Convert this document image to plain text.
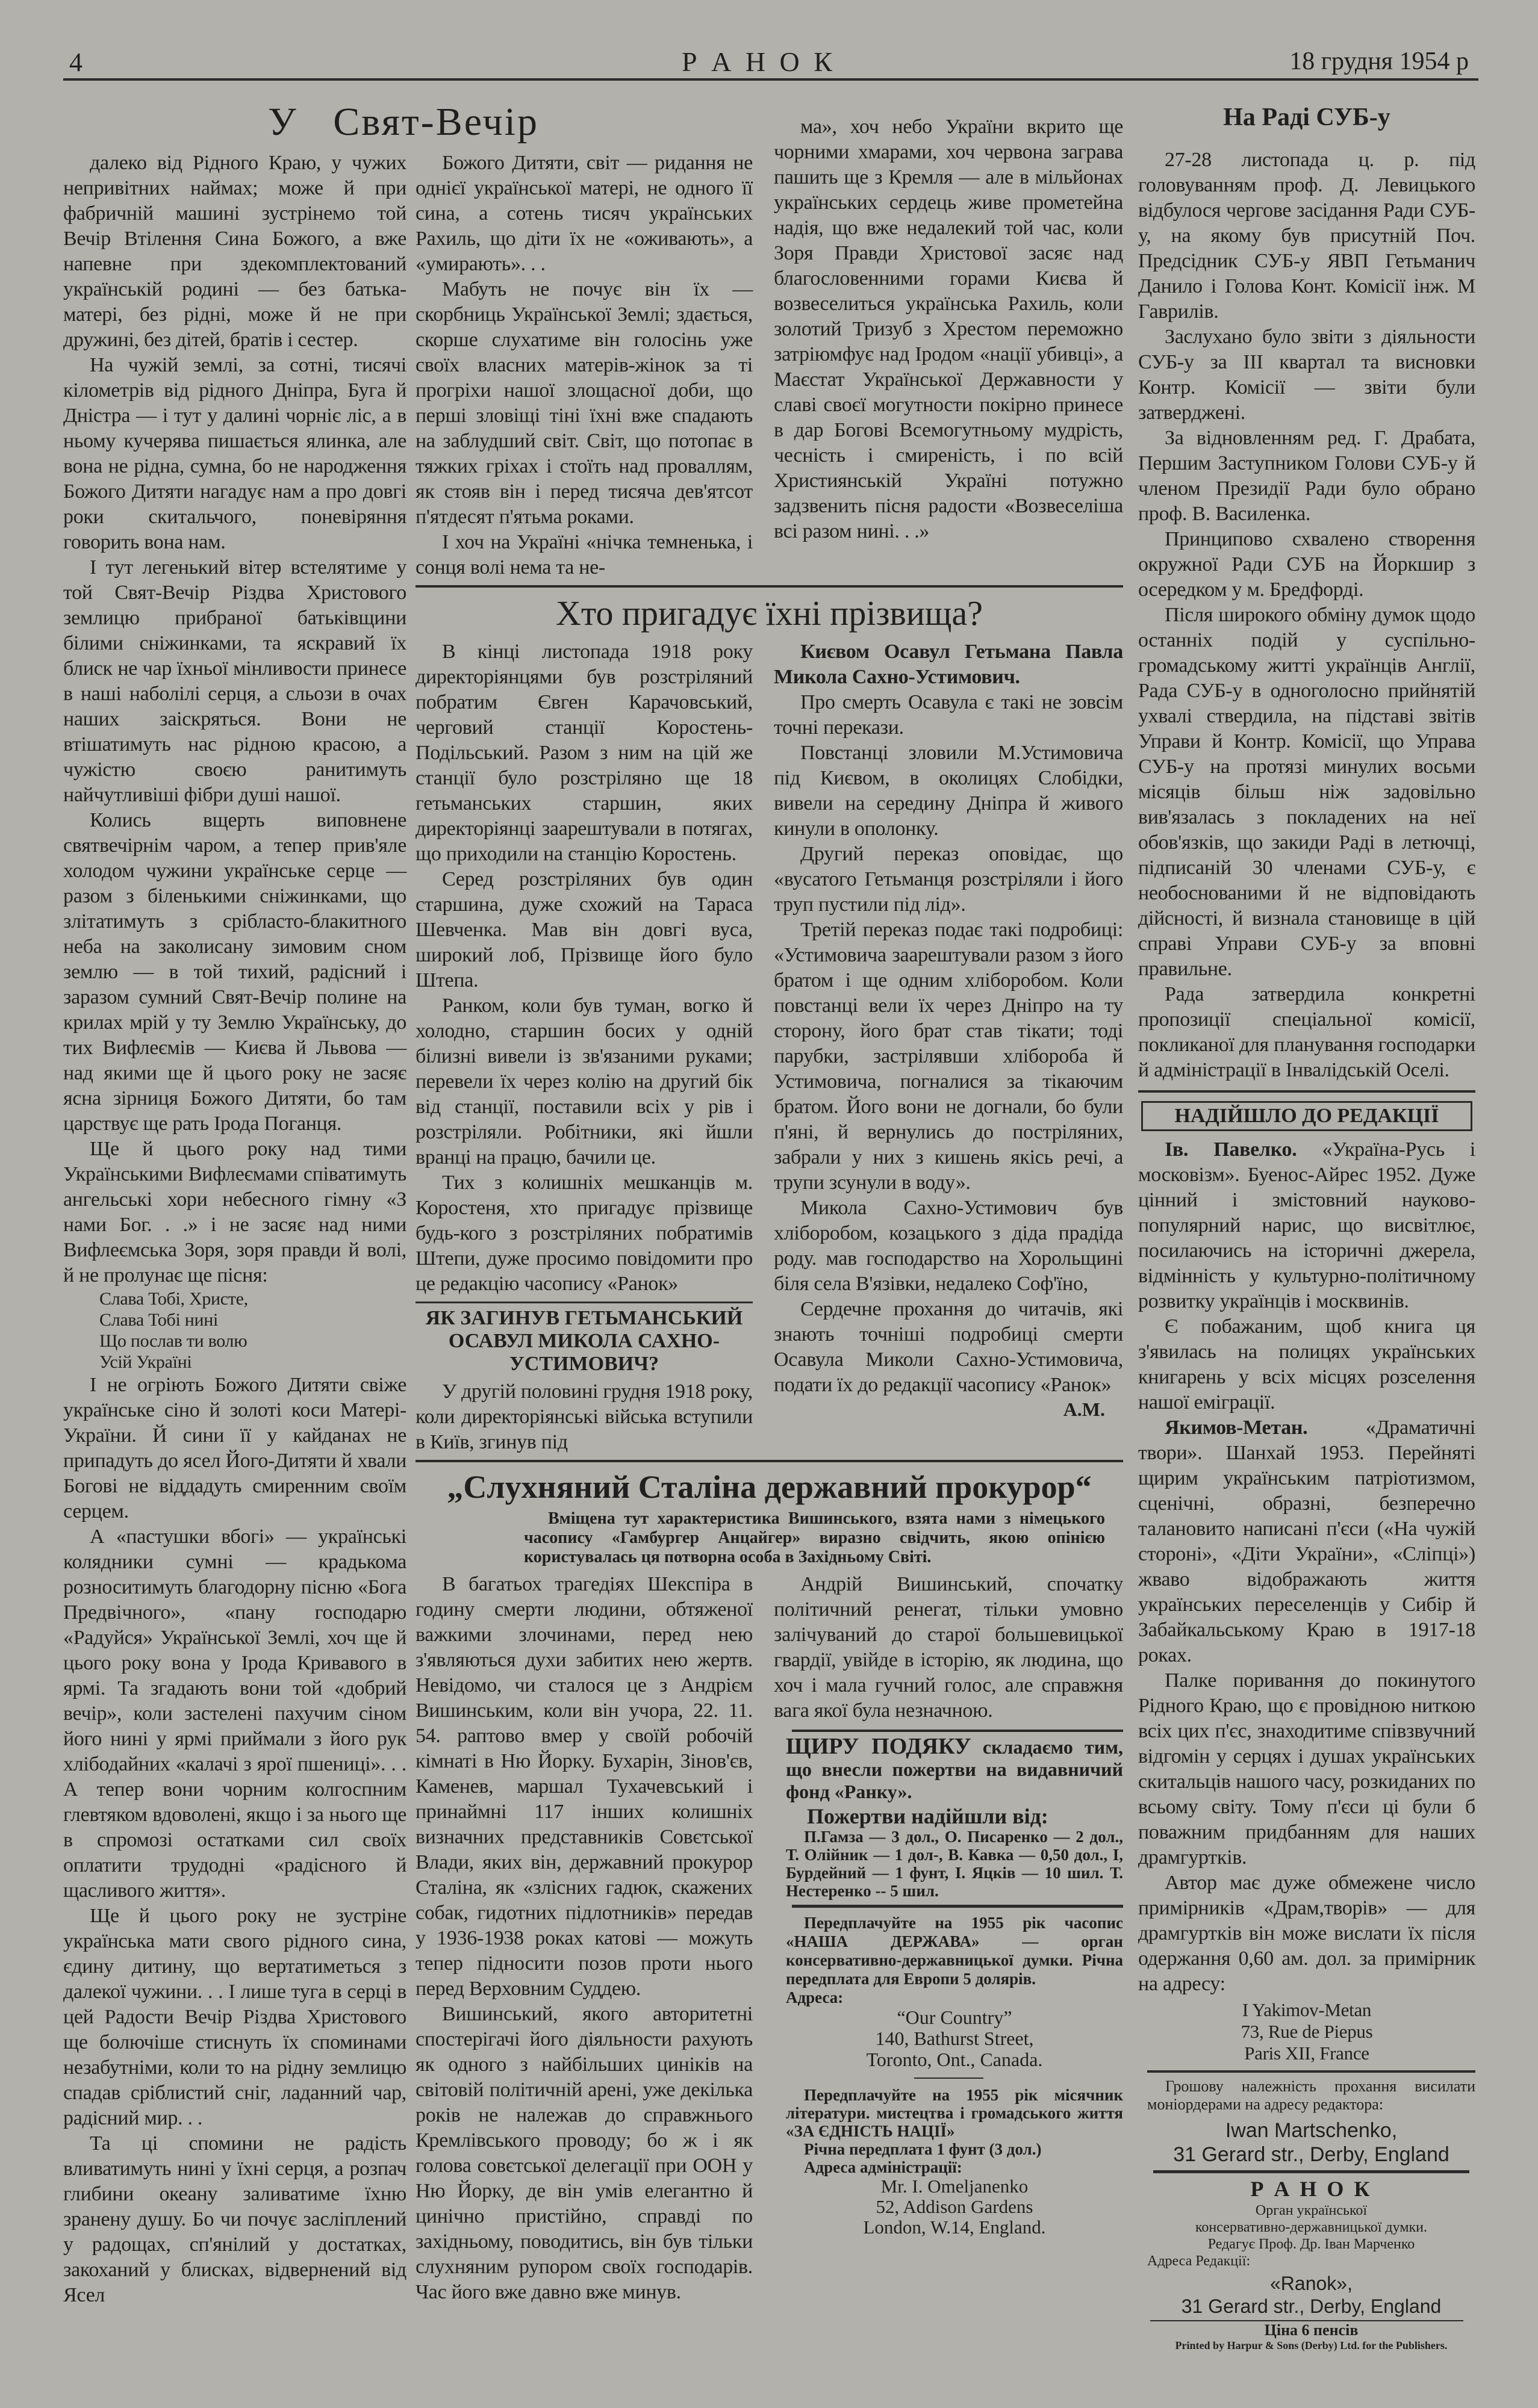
4	Р А Н О К	18 грудня 1954 р
У   Свят-Вечір

далеко від Рідного Краю, у чужих непривітних наймах; може й при фабричній машині зустрінемо той Вечір Втілення Сина Божого, а вже напевне при здекомплектований українській родині — без батька-матері, без рідні, може й не при дружині, без дітей, братів і сестер.

На чужій землі, за сотні, тисячі кілометрів від рідного Дніпра, Буга й Дністра — і тут у далині чорніє ліс, а в ньому кучерява пишається ялинка, але вона не рідна, сумна, бо не народження Божого Дитяти нагадує нам а про довгі роки скитальчого, поневіряння говорить вона нам.

І тут легенький вітер встелятиме у той Свят-Вечір Різдва Христового землицю прибраної батьківщини білими сніжинками, та яскравий їх блиск не чар їхньої мінливости принесе в наші наболілі серця, а сльози в очах наших заіскряться. Вони не втішатимуть нас рідною красою, а чужістю своєю ранитимуть найчутливіші фібри душі нашої.

Колись вщерть виповнене святвечірнім чаром, а тепер прив'яле холодом чужини українське серце — разом з біленькими сніжинками, що злітатимуть з срібласто-блакитного неба на заколисану зимовим сном землю — в той тихий, радісний і заразом сумний Свят-Вечір полине на крилах мрій у ту Землю Українську, до тих Вифлеємів — Києва й Львова — над якими ще й цього року не засяє ясна зірниця Божого Дитяти, бо там царствує ще рать Ірода Поганця.

Ще й цього року над тими Українськими Вифлеємами співатимуть ангельські хори небесного гімну «З нами Бог. . .» і не засяє над ними Вифлеємська Зоря, зоря правди й волі, й не пролунає ще пісня:

Слава Тобі, Христе,
Слава Тобі нині
Що послав ти волю
Усій Україні

І не огріють Божого Дитяти свіже українське сіно й золоті коси Матері-України. Й сини її у кайданах не припадуть до ясел Його-Дитяти й хвали Богові не віддадуть смиренним своїм серцем.

А «пастушки вбогі» — українські колядники сумні — крадькома розноситимуть благодорну пісню «Бога Предвічного», «пану господарю «Радуйся» Української Землі, хоч ще й цього року вона у Ірода Кривавого в ярмі. Та згадають вони той «добрий вечір», коли застелені пахучим сіном його нині у ярмі приймали з його рук хлібодайних «калачі з ярої пшениці». . . А тепер вони чорним колгоспним глевтяком вдоволені, якщо і за нього ще в спромозі остатками сил своїх оплатити трудодні «радісного й щасливого життя».

Ще й цього року не зустріне українська мати свого рідного сина, єдину дитину, що вертатиметься з далекої чужини. . . І лише туга в серці в цей Радости Вечір Різдва Христового ще болючіше стиснуть їх споминами незабутніми, коли то на рідну землицю спадав сріблистий сніг, ладанний чар, радісний мир. . .

Та ці спомини не радість вливатимуть нині у їхні серця, а розпач глибини океану заливатиме їхню зранену душу. Бо чи почує засліплений у радощах, сп'янілий у достатках, закоханий у блисках, відвернений від Ясел

Божого Дитяти, світ — ридання не однієї української матері, не одного її сина, а сотень тисяч українських Рахиль, що діти їх не «оживають», а «умирають». . .

Мабуть не почує він їх — скорбниць Української Землі; здається, скорше слухатиме він голосінь уже своїх власних матерів-жінок за ті прогріхи нашої злощасної доби, що перші зловіщі тіні їхні вже спадають на заблудший світ. Світ, що потопає в тяжких гріхах і стоїть над проваллям, як стояв він і перед тисяча дев'ятсот п'ятдесят п'ятьма роками.

І хоч на Україні «нічка темненька, і сонця волі нема та не-

ма», хоч небо України вкрито ще чорними хмарами, хоч червона заграва пашить ще з Кремля — але в мільйонах українських сердець живе прометейна надія, що вже недалекий той час, коли Зоря Правди Христової засяє над благословенними горами Києва й возвеселиться українська Рахиль, коли золотий Тризуб з Хрестом переможно затріюмфує над Іродом «нації убивці», а Маєстат Української Державности у славі своєї могутности покірно принесе в дар Богові Всемогутньому мудрість, чесність і смиреність, і по всій Християнській Україні потужно задзвенить пісня радости «Возвеселіша всі разом нині. . .»

Хто пригадує їхні прізвища?

В кінці листопада 1918 року директоріянцями був розстріляний побратим Євген Карачовський, черговий станції Коростень-Подільський. Разом з ним на цій же станції було розстріляно ще 18 гетьманських старшин, яких директоріянці заарештували в потягах, що приходили на станцію Коростень.

Серед розстріляних був один старшина, дуже схожий на Тараса Шевченка. Мав він довгі вуса, широкий лоб, Прізвище його було Штепа.

Ранком, коли був туман, вогко й холодно, старшин босих у одній білизні вивели із зв'язаними руками; перевели їх через колію на другий бік від станції, поставили всіх у рів і розстріляли. Робітники, які йшли вранці на працю, бачили це.

Тих з колишніх мешканців м. Коростеня, хто пригадує прізвище будь-кого з розстріляних побратимів Штепи, дуже просимо повідомити про це редакцію часопису «Ранок»

ЯК ЗАГИНУВ ГЕТЬМАНСЬКИЙ ОСАВУЛ МИКОЛА САХНО-УСТИМОВИЧ?

У другій половині грудня 1918 року, коли директоріянські війська вступили в Київ, згинув під

Києвом Осавул Гетьмана Павла Микола Сахно-Устимович.

Про смерть Осавула є такі не зовсім точні перекази.

Повстанці зловили М.Устимовича під Києвом, в околицях Слобідки, вивели на середину Дніпра й живого кинули в ополонку.

Другий переказ оповідає, що «вусатого Гетьманця розстріляли і його труп пустили під лід».

Третій переказ подає такі подробиці: «Устимовича заарештували разом з його братом і ще одним хліборобом. Коли повстанці вели їх через Дніпро на ту сторону, його брат став тікати; тоді парубки, застрілявши хлібороба й Устимовича, погналися за тікаючим братом. Його вони не догнали, бо були п'яні, й вернулись до постріляних, забрали у них з кишень якісь речі, а трупи зсунули в воду».

Микола Сахно-Устимович був хліборобом, козацького з діда прадіда роду. мав господарство на Хорольщині біля села В'язівки, недалеко Соф'їно,

Сердечне прохання до читачів, які знають точніші подробиці смерти Осавула Миколи Сахно-Устимовича, подати їх до редакції часопису «Ранок»

А.М.
„Слухняний Сталіна державний прокурор“
Вміщена тут характеристика Вишинського, взята нами з німецького часопису «Гамбургер Анцайгер» виразно свідчить, якою опінією користувалась ця потворна особа в Західньому Світі.

В багатьох трагедіях Шекспіра в годину смерти людини, обтяженої важкими злочинами, перед нею з'являються духи забитих нею жертв. Невідомо, чи сталося це з Андрієм Вишинським, коли він учора, 22. 11. 54. раптово вмер у своїй робочій кімнаті в Ню Йорку. Бухарін, Зінов'єв, Каменев, маршал Тухачевський і принаймні 117 інших колишніх визначних представників Совєтської Влади, яких він, державний прокурор Сталіна, як «злісних гадюк, скажених собак, гидотних підлотників» передав у 1936-1938 роках катові — можуть тепер підносити позов проти нього перед Верховним Суддею.

Вишинський, якого авторитетні спостерігачі його діяльности рахують як одного з найбільших циніків на світовій політичній арені, уже декілька років не належав до справжнього Кремлівського проводу; бо ж і як голова совєтської делегації при ООН у Ню Йорку, де він умів елегантно й цинічно пристійно, справді по західньому, поводитись, він був тільки слухняним рупором своїх господарів. Час його вже давно вже минув.

Андрій Вишинський, спочатку політичний ренегат, тільки умовно залічуваний до старої большевицької гвардії, увійде в історію, як людина, що хоч і мала гучний голос, але справжня вага якої була незначною.

ЩИРУ ПОДЯКУ складаємо тим, що внесли пожертви на видавничий фонд «Ранку».
Пожертви надійшли від:
П.Гамза — 3 дол., О. Писаренко — 2 дол., Т. Олійник — 1 дол-, В. Кавка — 0,50 дол., І, Бурдейний — 1 фунт, І. Яцків — 10 шил. Т. Нестеренко -- 5 шил.
Передплачуйте на 1955 рік часопис «НАША ДЕРЖАВА» — орган консервативно-державницької думки. Річна передплата для Европи 5 долярів.
Адреса:
“Our Country”
140, Bathurst Street,
Toronto, Ont., Canada.
Передплачуйте на 1955 рік місячник літератури. мистецтва і громадського життя «ЗА ЄДНІСТЬ НАЦІЇ»
Річна передплата 1 фунт (3 дол.)
Адреса адміністрації:
Mr. I. Omeljanenko
52, Addison Gardens
London, W.14, England.
На Раді СУБ-у

27-28 листопада ц. р. під головуванням проф. Д. Левицького відбулося чергове засідання Ради СУБ-у, на якому був присутній Поч. Предсідник СУБ-у ЯВП Гетьманич Данило і Голова Конт. Комісії інж. М Гаврилів.

Заслухано було звіти з діяльности СУБ-у за III квартал та висновки Контр. Комісії — звіти були затверджені.

За відновленням ред. Г. Драбата, Першим Заступником Голови СУБ-у й членом Президії Ради було обрано проф. В. Василенка.

Принципово схвалено створення окружної Ради СУБ на Йоркшир з осередком у м. Бредфорді.

Після широкого обміну думок щодо останніх подій у суспільно-громадському житті українців Англії, Рада СУБ-у в одноголосно прийнятій ухвалі ствердила, на підставі звітів Управи й Контр. Комісії, що Управа СУБ-у на протязі минулих восьми місяців більш ніж задовільно вив'язалась з покладених на неї обов'язків, що закиди Раді в летючці, підписаній 30 членами СУБ-у, є необоснованими й не відповідають дійсності, й визнала становище в цій справі Управи СУБ-у за вповні правильне.

Рада затвердила конкретні пропозиції спеціальної комісії, покликаної для планування господарки й адміністрації в Інвалідській Оселі.

НАДІЙШЛО ДО РЕДАКЦІЇ

Ів. Павелко. «Україна-Русь і московізм». Буенос-Айрес 1952. Дуже цінний і змістовний науково-популярний нарис, що висвітлює, посилаючись на історичні джерела, відмінність у культурно-політичному розвитку українців і москвинів.

Є побажаним, щоб книга ця з'явилась на полицях українських книгарень у всіх місцях розселення нашої еміграції.

Якимов-Метан. «Драматичні твори». Шанхай 1953. Перейняті щирим українським патріотизмом, сценічні, образні, безперечно талановито написані п'єси («На чужій стороні», «Діти України», «Сліпці») жваво відображають життя українських переселенців у Сибір й Забайкальському Краю в 1917-18 роках.

Палке поривання до покинутого Рідного Краю, що є провідною ниткою всіх цих п'єс, знаходитиме співзвучний відгомін у серцях і душах українських скитальців нашого часу, розкиданих по всьому світу. Тому п'єси ці були б поважним придбанням для наших драмгуртків.

Автор має дуже обмежене число примірників «Драм,творів» — для драмгуртків він може вислати їх після одержання 0,60 ам. дол. за примірник на адресу:

I Yakimov-Metan
73, Rue de Piepus
Paris XII, France
Грошову належність прохання висилати моніордерами на адресу редактора:
Iwan Martschenko,
31 Gerard str., Derby, England
Р А Н О К
Орган української
консервативно-державницької думки.
Редагує Проф. Др. Іван Марченко
Адреса Редакції:
«Ranok»,
31 Gerard str., Derby, England
Ціна 6 пенсів
Printed by Harpur & Sons (Derby) Ltd. for the Publishers.
